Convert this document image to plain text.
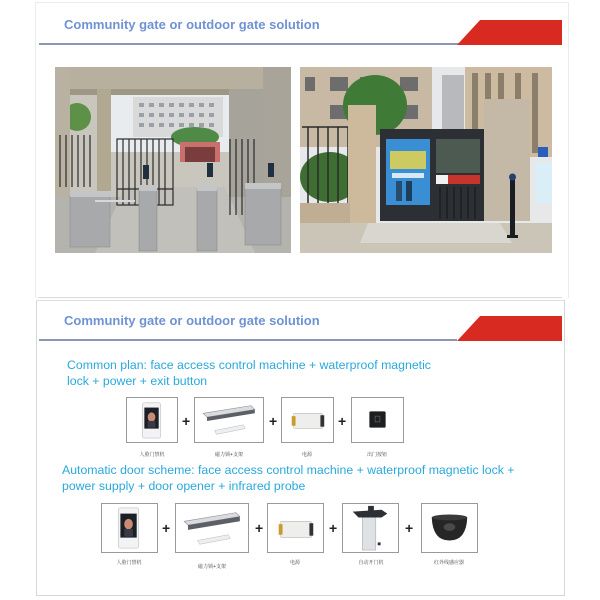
Community gate or outdoor gate solution
Community gate or outdoor gate solution
Common plan: face access control machine + waterproof magnetic
lock + power + exit button
+	+	+
人脸门禁机	磁力锁+支架	电源	出门按钮
Automatic door scheme: face access control machine + waterproof magnetic lock +
power supply + door opener + infrared probe
+	+	+	+
人脸门禁机
磁力锁+支架
电源	自动开门机	红外线感应器
